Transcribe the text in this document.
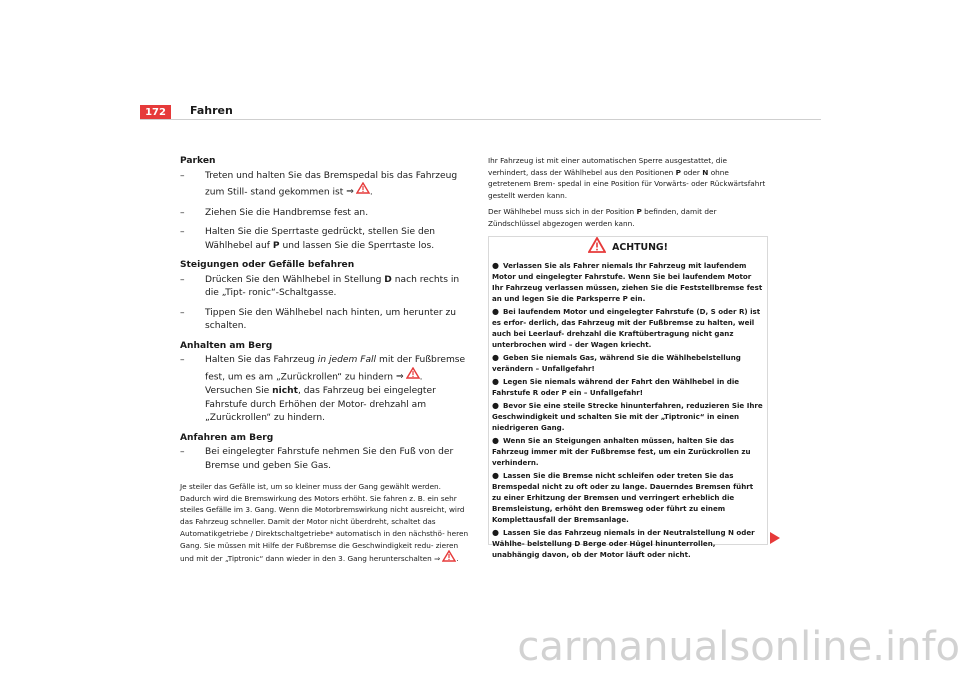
172	Fahren
Parken
– Treten und halten Sie das Bremspedal bis das Fahrzeug zum Still- stand gekommen ist ⇒ .
– Ziehen Sie die Handbremse fest an.
– Halten Sie die Sperrtaste gedrückt, stellen Sie den Wählhebel auf P und lassen Sie die Sperrtaste los.
Steigungen oder Gefälle befahren
– Drücken Sie den Wählhebel in Stellung D nach rechts in die „Tipt- ronic“-Schaltgasse.
– Tippen Sie den Wählhebel nach hinten, um herunter zu schalten.
Anhalten am Berg
– Halten Sie das Fahrzeug in jedem Fall mit der Fußbremse fest, um es am „Zurückrollen“ zu hindern ⇒ . Versuchen Sie nicht, das Fahrzeug bei eingelegter Fahrstufe durch Erhöhen der Motor- drehzahl am „Zurückrollen“ zu hindern.
Anfahren am Berg
– Bei eingelegter Fahrstufe nehmen Sie den Fuß von der Bremse und geben Sie Gas.
Je steiler das Gefälle ist, um so kleiner muss der Gang gewählt werden. Dadurch wird die Bremswirkung des Motors erhöht. Sie fahren z. B. ein sehr steiles Gefälle im 3. Gang. Wenn die Motorbremswirkung nicht ausreicht, wird das Fahrzeug schneller. Damit der Motor nicht überdreht, schaltet das Automatikgetriebe / Direktschaltgetriebe* automatisch in den nächsthö- heren Gang. Sie müssen mit Hilfe der Fußbremse die Geschwindigkeit redu- zieren und mit der „Tiptronic“ dann wieder in den 3. Gang herunterschalten ⇒ .

Ihr Fahrzeug ist mit einer automatischen Sperre ausgestattet, die verhindert, dass der Wählhebel aus den Positionen P oder N ohne getretenem Brem- spedal in eine Position für Vorwärts- oder Rückwärtsfahrt gestellt werden kann.

Der Wählhebel muss sich in der Position P befinden, damit der Zündschlüssel abgezogen werden kann.

ACHTUNG!
● Verlassen Sie als Fahrer niemals Ihr Fahrzeug mit laufendem Motor und eingelegter Fahrstufe. Wenn Sie bei laufendem Motor Ihr Fahrzeug verlassen müssen, ziehen Sie die Feststellbremse fest an und legen Sie die Parksperre P ein.
● Bei laufendem Motor und eingelegter Fahrstufe (D, S oder R) ist es erfor- derlich, das Fahrzeug mit der Fußbremse zu halten, weil auch bei Leerlauf- drehzahl die Kraftübertragung nicht ganz unterbrochen wird – der Wagen kriecht.
● Geben Sie niemals Gas, während Sie die Wählhebelstellung verändern – Unfallgefahr!
● Legen Sie niemals während der Fahrt den Wählhebel in die Fahrstufe R oder P ein – Unfallgefahr!
● Bevor Sie eine steile Strecke hinunterfahren, reduzieren Sie Ihre Geschwindigkeit und schalten Sie mit der „Tiptronic“ in einen niedrigeren Gang.
● Wenn Sie an Steigungen anhalten müssen, halten Sie das Fahrzeug immer mit der Fußbremse fest, um ein Zurückrollen zu verhindern.
● Lassen Sie die Bremse nicht schleifen oder treten Sie das Bremspedal nicht zu oft oder zu lange. Dauerndes Bremsen führt zu einer Erhitzung der Bremsen und verringert erheblich die Bremsleistung, erhöht den Bremsweg oder führt zu einem Komplettausfall der Bremsanlage.
● Lassen Sie das Fahrzeug niemals in der Neutralstellung N oder Wählhe- belstellung D Berge oder Hügel hinunterrollen, unabhängig davon, ob der Motor läuft oder nicht.
carmanualsonline.info
